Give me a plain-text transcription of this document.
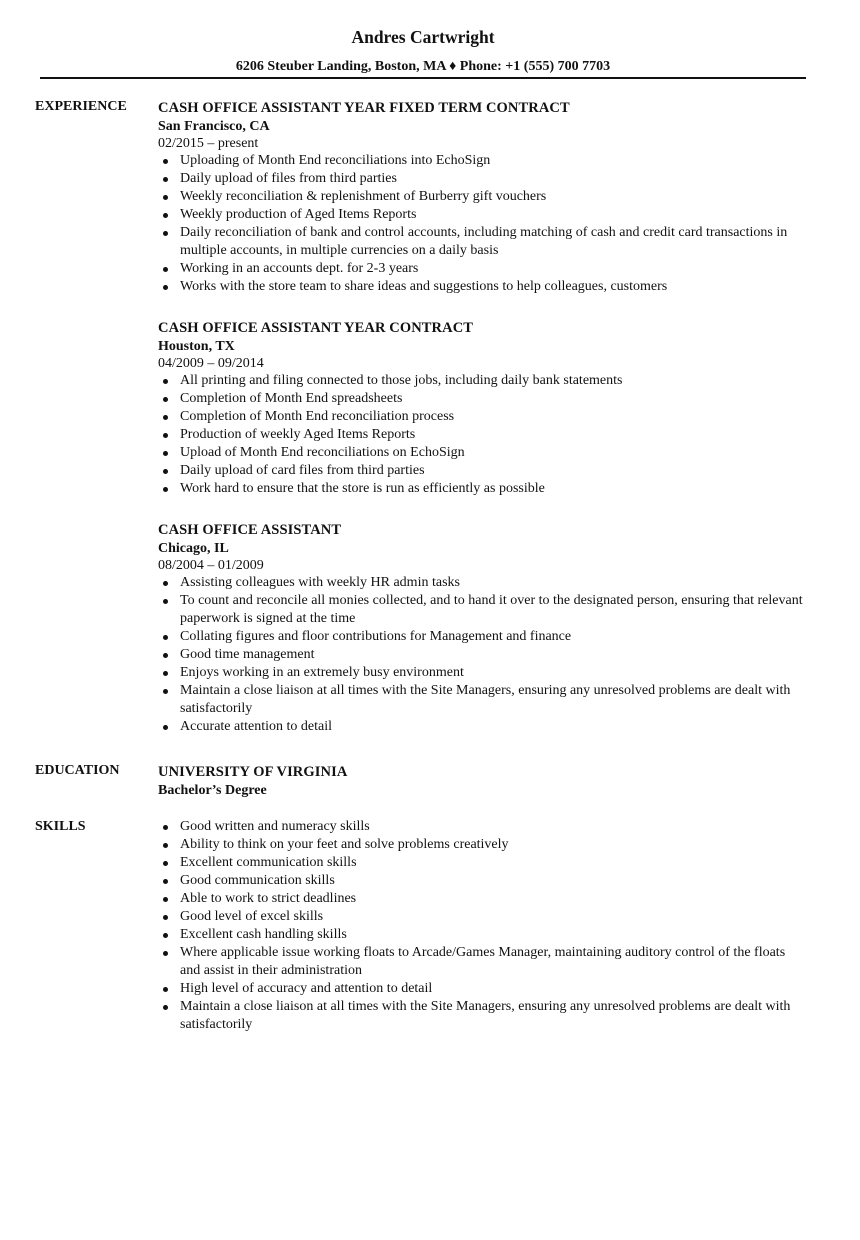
Andres Cartwright
6206 Steuber Landing, Boston, MA ♦ Phone: +1 (555) 700 7703
EXPERIENCE CASH OFFICE ASSISTANT YEAR FIXED TERM CONTRACT
San Francisco, CA
02/2015 – present
Uploading of Month End reconciliations into EchoSign
Daily upload of files from third parties
Weekly reconciliation & replenishment of Burberry gift vouchers
Weekly production of Aged Items Reports
Daily reconciliation of bank and control accounts, including matching of cash and credit card transactions in multiple accounts, in multiple currencies on a daily basis
Working in an accounts dept. for 2-3 years
Works with the store team to share ideas and suggestions to help colleagues, customers
CASH OFFICE ASSISTANT YEAR CONTRACT
Houston, TX
04/2009 – 09/2014
All printing and filing connected to those jobs, including daily bank statements
Completion of Month End spreadsheets
Completion of Month End reconciliation process
Production of weekly Aged Items Reports
Upload of Month End reconciliations on EchoSign
Daily upload of card files from third parties
Work hard to ensure that the store is run as efficiently as possible
CASH OFFICE ASSISTANT
Chicago, IL
08/2004 – 01/2009
Assisting colleagues with weekly HR admin tasks
To count and reconcile all monies collected, and to hand it over to the designated person, ensuring that relevant paperwork is signed at the time
Collating figures and floor contributions for Management and finance
Good time management
Enjoys working in an extremely busy environment
Maintain a close liaison at all times with the Site Managers, ensuring any unresolved problems are dealt with satisfactorily
Accurate attention to detail
EDUCATION	UNIVERSITY OF VIRGINIA
Bachelor’s Degree
SKILLS	Good written and numeracy skills
Ability to think on your feet and solve problems creatively
Excellent communication skills
Good communication skills
Able to work to strict deadlines
Good level of excel skills
Excellent cash handling skills
Where applicable issue working floats to Arcade/Games Manager, maintaining auditory control of the floats and assist in their administration
High level of accuracy and attention to detail
Maintain a close liaison at all times with the Site Managers, ensuring any unresolved problems are dealt with satisfactorily
